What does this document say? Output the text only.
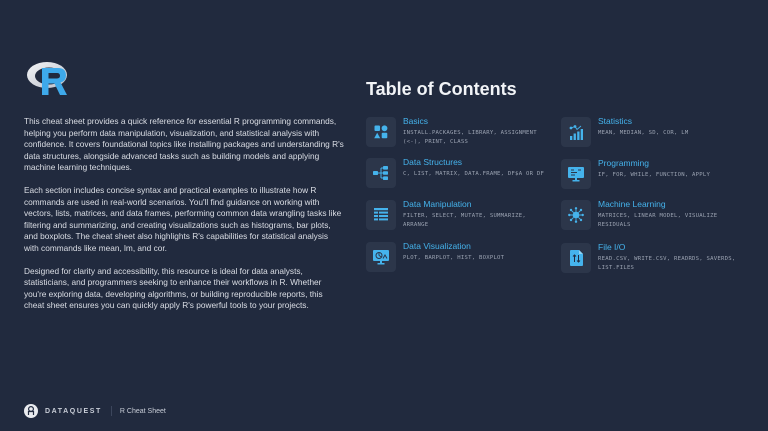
This cheat sheet provides a quick reference for essential R programming commands, helping you perform data manipulation, visualization, and statistical analysis with confidence. It covers foundational topics like installing packages and understanding R's data structures, alongside advanced tasks such as building models and applying machine learning techniques.

Each section includes concise syntax and practical examples to illustrate how R commands are used in real-world scenarios. You'll find guidance on working with vectors, lists, matrices, and data frames, performing common data wrangling tasks like filtering and summarizing, and creating visualizations such as histograms, bar plots, and boxplots. The cheat sheet also highlights R's capabilities for statistical analysis with commands like mean, lm, and cor.

Designed for clarity and accessibility, this resource is ideal for data analysts, statisticians, and programmers seeking to enhance their workflows in R. Whether you're exploring data, developing algorithms, or building reproducible reports, this cheat sheet ensures you can quickly apply R's powerful tools to your projects.

DATAQUEST	R Cheat Sheet
Table of Contents
Basics
INSTALL.PACKAGES, LIBRARY, ASSIGNMENT (<-), PRINT, CLASS
Data Structures
C, LIST, MATRIX, DATA.FRAME, DF$A OR DF
Data Manipulation
FILTER, SELECT, MUTATE, SUMMARIZE, ARRANGE
Data Visualization
PLOT, BARPLOT, HIST, BOXPLOT
Statistics
MEAN, MEDIAN, SD, COR, LM
Programming
IF, FOR, WHILE, FUNCTION, APPLY
Machine Learning
MATRICES, LINEAR MODEL, VISUALIZE RESIDUALS
File I/O
READ.CSV, WRITE.CSV, READRDS, SAVERDS, LIST.FILES
